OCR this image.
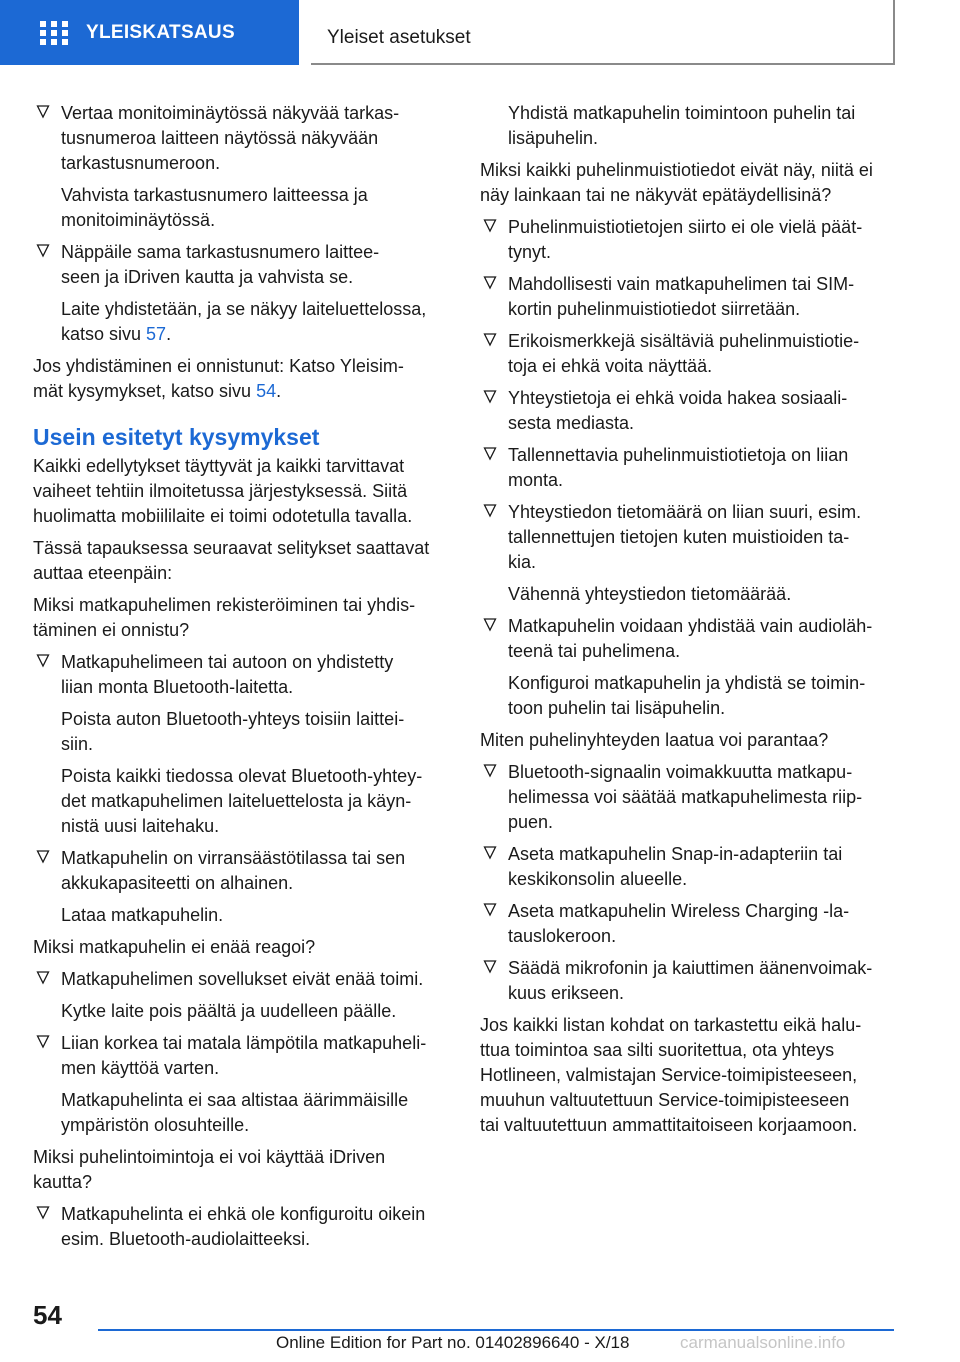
YLEISKATSAUS	Yleiset asetukset
Vertaa monitoiminäytössä näkyvää tarkas-
tusnumeroa laitteen näytössä näkyvään
tarkastusnumeroon.
Vahvista tarkastusnumero laitteessa ja
monitoiminäytössä.
Näppäile sama tarkastusnumero laittee-
seen ja iDriven kautta ja vahvista se.
Laite yhdistetään, ja se näkyy laiteluettelossa,
katso sivu 57.
Jos yhdistäminen ei onnistunut: Katso Yleisim-
mät kysymykset, katso sivu 54.
Usein esitetyt kysymykset
Kaikki edellytykset täyttyvät ja kaikki tarvittavat
vaiheet tehtiin ilmoitetussa järjestyksessä. Siitä
huolimatta mobiililaite ei toimi odotetulla tavalla.
Tässä tapauksessa seuraavat selitykset saattavat
auttaa eteenpäin:
Miksi matkapuhelimen rekisteröiminen tai yhdis-
täminen ei onnistu?
Matkapuhelimeen tai autoon on yhdistetty
liian monta Bluetooth-laitetta.
Poista auton Bluetooth-yhteys toisiin laittei-
siin.
Poista kaikki tiedossa olevat Bluetooth-yhtey-
det matkapuhelimen laiteluettelosta ja käyn-
nistä uusi laitehaku.
Matkapuhelin on virransäästötilassa tai sen
akkukapasiteetti on alhainen.
Lataa matkapuhelin.
Miksi matkapuhelin ei enää reagoi?
Matkapuhelimen sovellukset eivät enää toimi.
Kytke laite pois päältä ja uudelleen päälle.
Liian korkea tai matala lämpötila matkapuheli-
men käyttöä varten.
Matkapuhelinta ei saa altistaa äärimmäisille
ympäristön olosuhteille.
Miksi puhelintoimintoja ei voi käyttää iDriven
kautta?
Matkapuhelinta ei ehkä ole konfiguroitu oikein
esim. Bluetooth-audiolaitteeksi.
Yhdistä matkapuhelin toimintoon puhelin tai
lisäpuhelin.
Miksi kaikki puhelinmuistiotiedot eivät näy, niitä ei
näy lainkaan tai ne näkyvät epätäydellisinä?
Puhelinmuistiotietojen siirto ei ole vielä päät-
tynyt.
Mahdollisesti vain matkapuhelimen tai SIM-
kortin puhelinmuistiotiedot siirretään.
Erikoismerkkejä sisältäviä puhelinmuistiotie-
toja ei ehkä voita näyttää.
Yhteystietoja ei ehkä voida hakea sosiaali-
sesta mediasta.
Tallennettavia puhelinmuistiotietoja on liian
monta.
Yhteystiedon tietomäärä on liian suuri, esim.
tallennettujen tietojen kuten muistioiden ta-
kia.
Vähennä yhteystiedon tietomäärää.
Matkapuhelin voidaan yhdistää vain audioläh-
teenä tai puhelimena.
Konfiguroi matkapuhelin ja yhdistä se toimin-
toon puhelin tai lisäpuhelin.
Miten puhelinyhteyden laatua voi parantaa?
Bluetooth-signaalin voimakkuutta matkapu-
helimessa voi säätää matkapuhelimesta riip-
puen.
Aseta matkapuhelin Snap-in-adapteriin tai
keskikonsolin alueelle.
Aseta matkapuhelin Wireless Charging -la-
tauslokeroon.
Säädä mikrofonin ja kaiuttimen äänenvoimak-
kuus erikseen.
Jos kaikki listan kohdat on tarkastettu eikä halu-
ttua toimintoa saa silti suoritettua, ota yhteys
Hotlineen, valmistajan Service-toimipisteeseen,
muuhun valtuutettuun Service-toimipisteeseen
tai valtuutettuun ammattitaitoiseen korjaamoon.
54
Online Edition for Part no. 01402896640 - X/18	carmanualsonline.info
